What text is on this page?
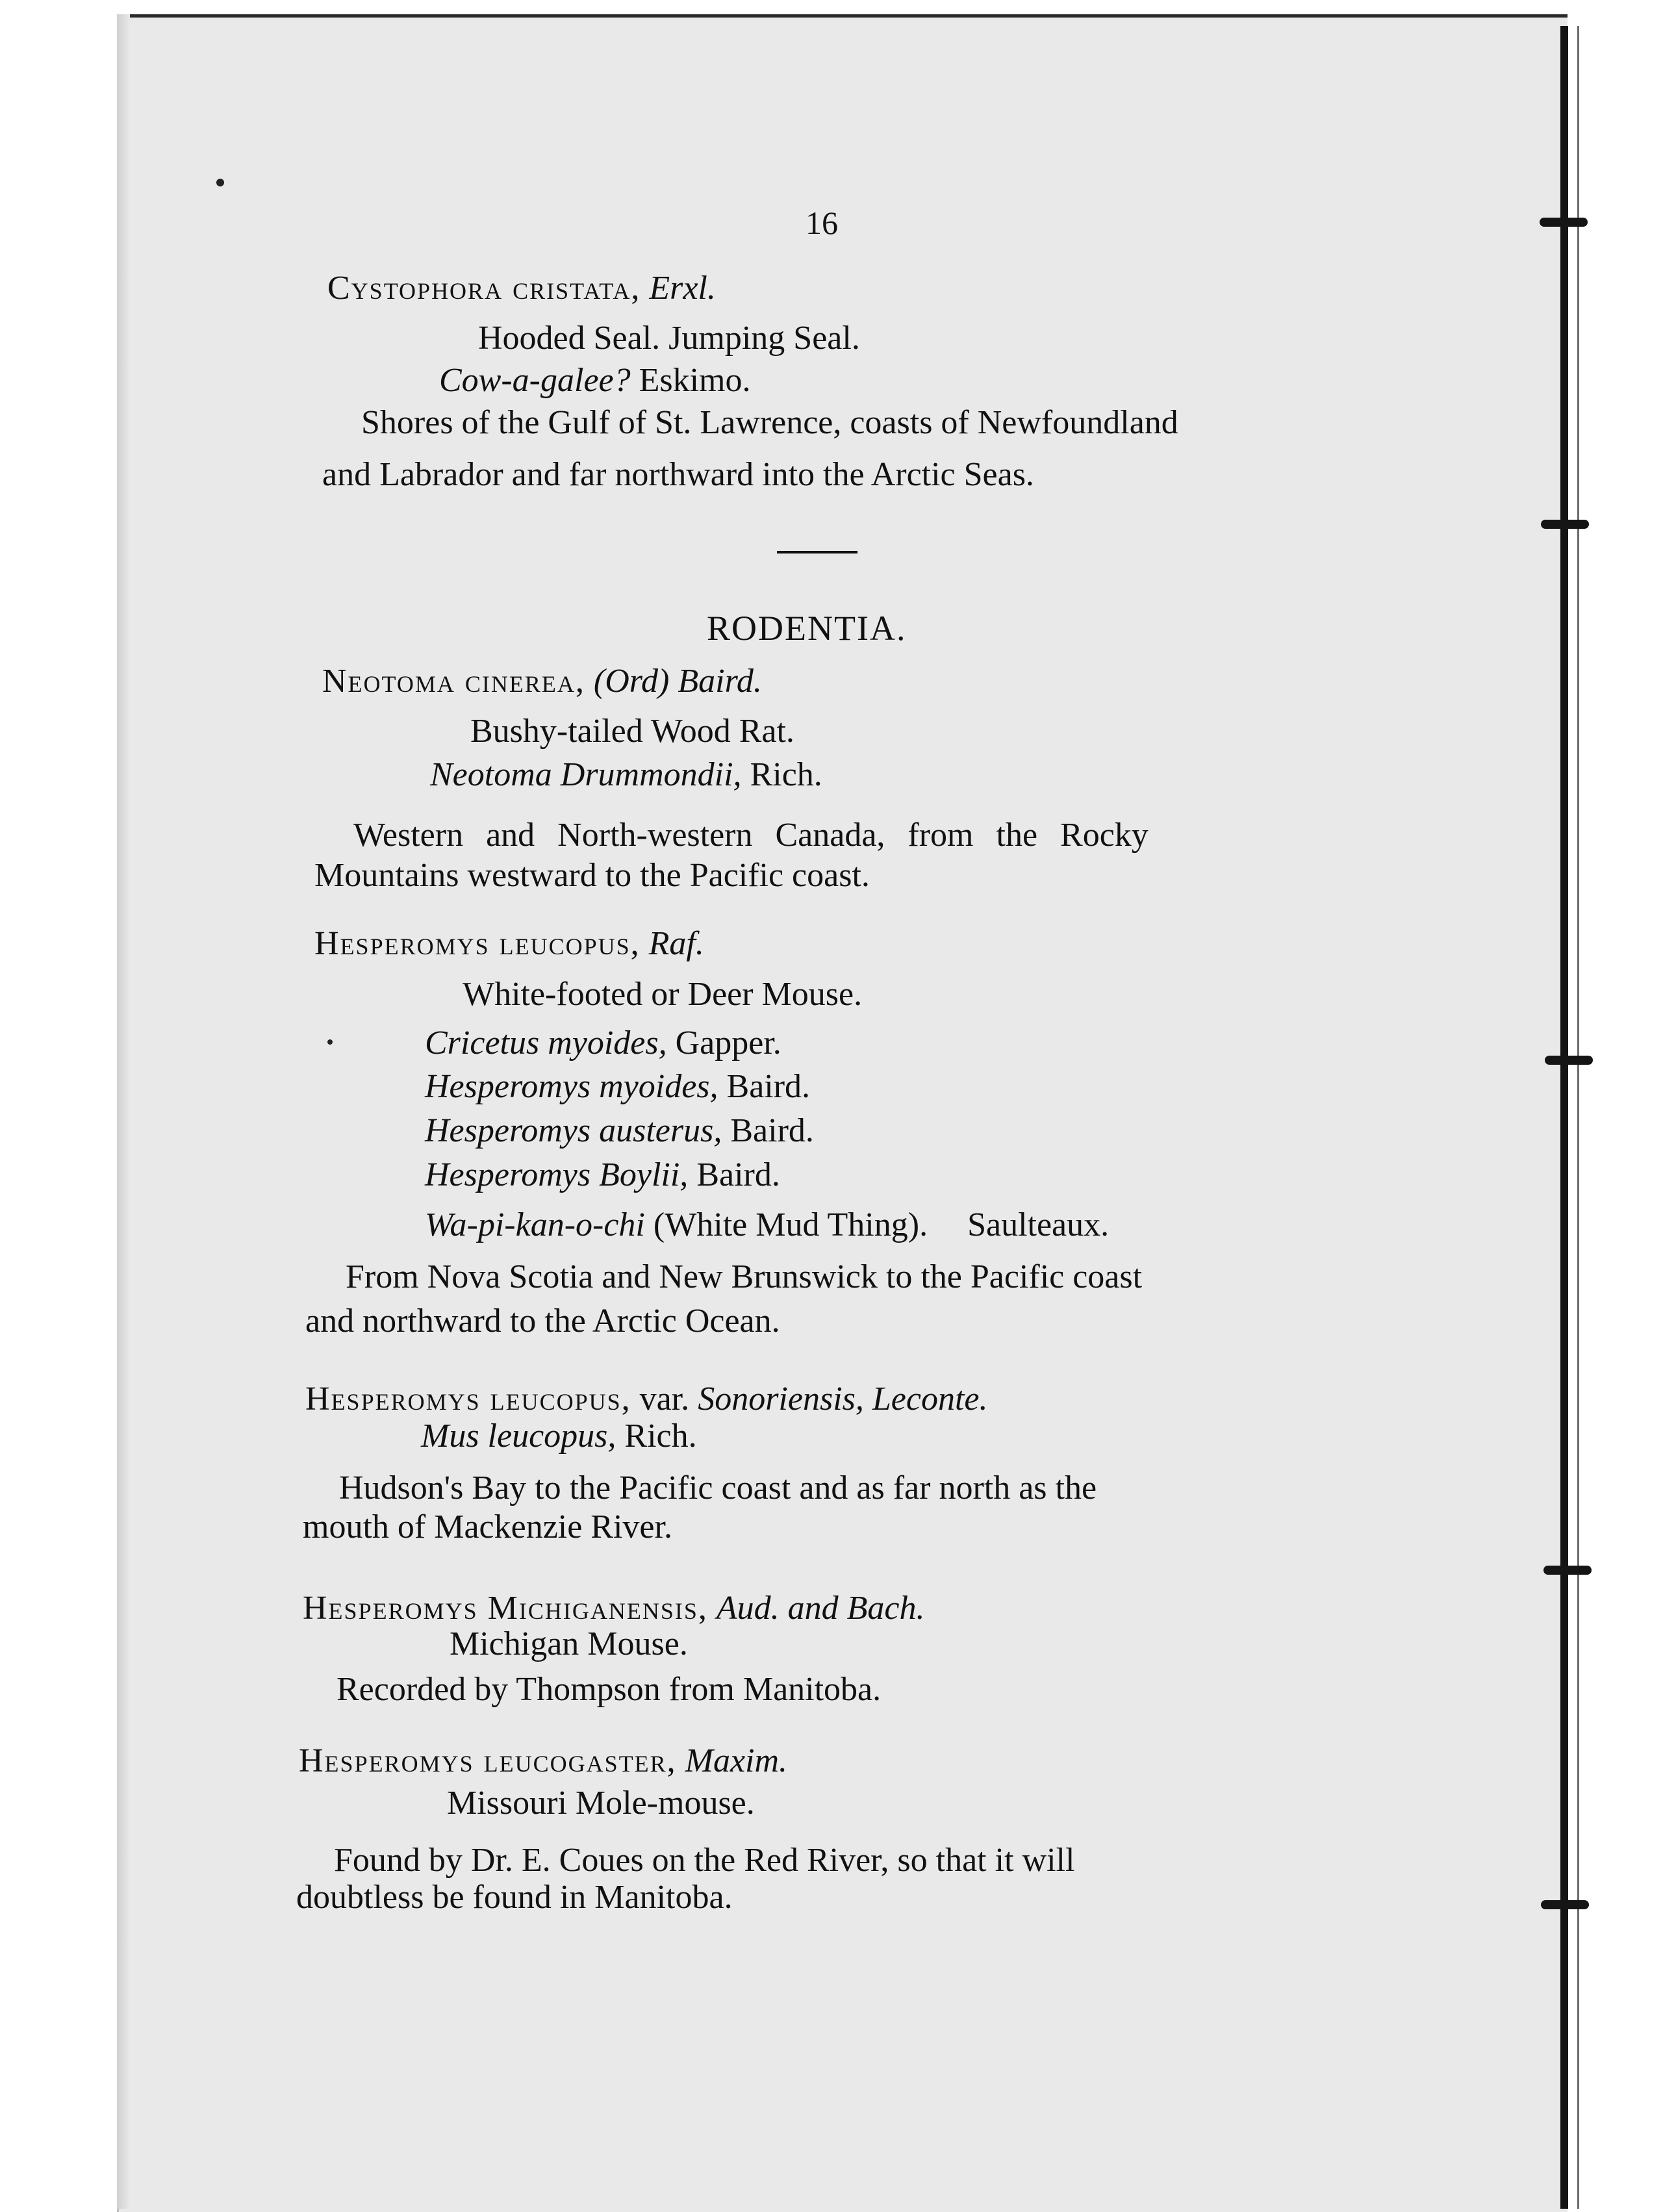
16
Cystophora cristata, Erxl.
Hooded Seal. Jumping Seal.
Cow-a-galee? Eskimo.
Shores of the Gulf of St. Lawrence, coasts of Newfoundland
and Labrador and far northward into the Arctic Seas.
RODENTIA.
Neotoma cinerea, (Ord) Baird.
Bushy-tailed Wood Rat.
Neotoma Drummondii, Rich.
Western and North-western Canada, from the Rocky
Mountains westward to the Pacific coast.
Hesperomys leucopus, Raf.
White-footed or Deer Mouse.
Cricetus myoides, Gapper.
Hesperomys myoides, Baird.
Hesperomys austerus, Baird.
Hesperomys Boylii, Baird.
Wa-pi-kan-o-chi (White Mud Thing). Saulteaux.
From Nova Scotia and New Brunswick to the Pacific coast
and northward to the Arctic Ocean.
Hesperomys leucopus, var. Sonoriensis, Leconte.
Mus leucopus, Rich.
Hudson's Bay to the Pacific coast and as far north as the
mouth of Mackenzie River.
Hesperomys Michiganensis, Aud. and Bach.
Michigan Mouse.
Recorded by Thompson from Manitoba.
Hesperomys leucogaster, Maxim.
Missouri Mole-mouse.
Found by Dr. E. Coues on the Red River, so that it will
doubtless be found in Manitoba.
